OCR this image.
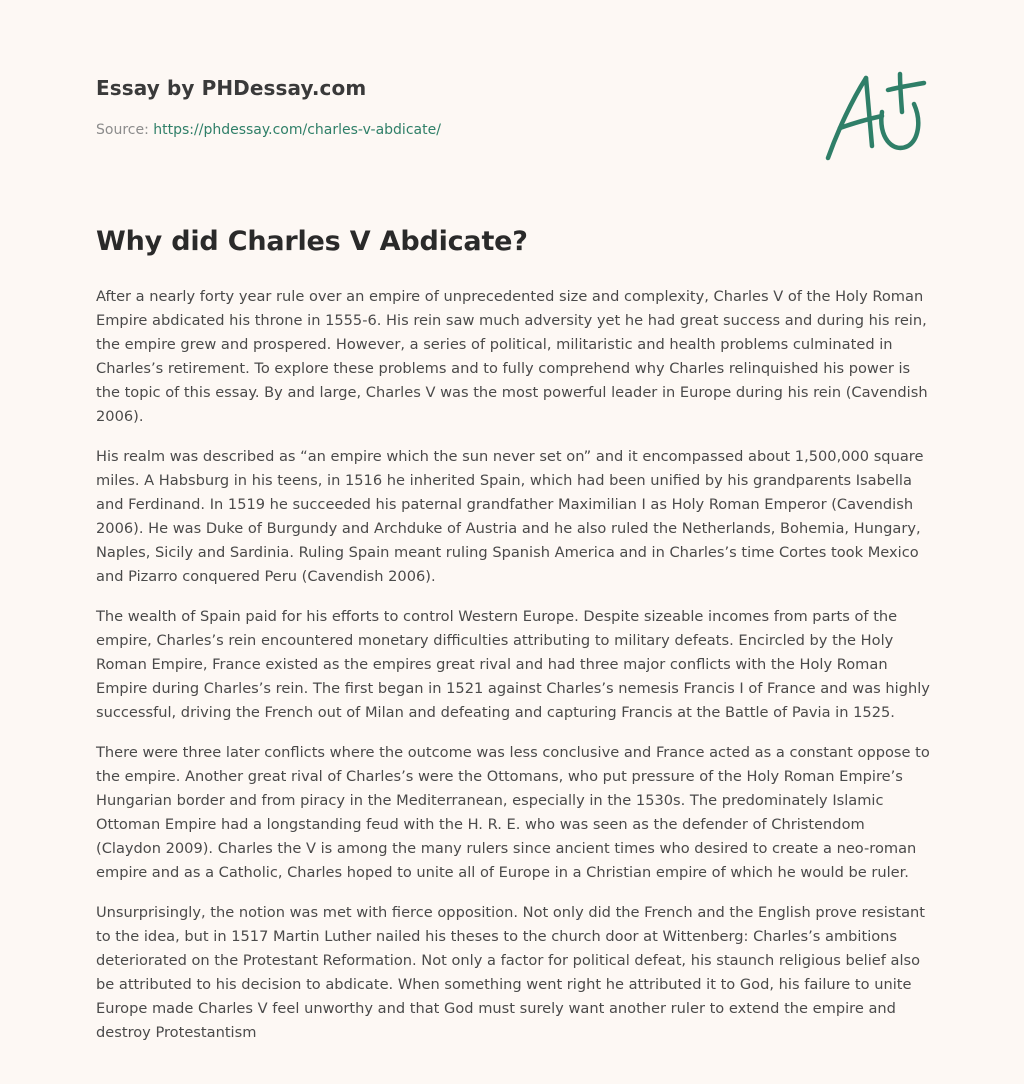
Essay by PHDessay.com
Source: https://phdessay.com/charles-v-abdicate/
Why did Charles V Abdicate?

After a nearly forty year rule over an empire of unprecedented size and complexity, Charles V of the Holy Roman Empire abdicated his throne in 1555-6. His rein saw much adversity yet he had great success and during his rein, the empire grew and prospered. However, a series of political, militaristic and health problems culminated in Charles’s retirement. To explore these problems and to fully comprehend why Charles relinquished his power is the topic of this essay. By and large, Charles V was the most powerful leader in Europe during his rein (Cavendish 2006).

His realm was described as “an empire which the sun never set on” and it encompassed about 1,500,000 square miles. A Habsburg in his teens, in 1516 he inherited Spain, which had been unified by his grandparents Isabella and Ferdinand. In 1519 he succeeded his paternal grandfather Maximilian I as Holy Roman Emperor (Cavendish 2006). He was Duke of Burgundy and Archduke of Austria and he also ruled the Netherlands, Bohemia, Hungary, Naples, Sicily and Sardinia. Ruling Spain meant ruling Spanish America and in Charles’s time Cortes took Mexico and Pizarro conquered Peru (Cavendish 2006).

The wealth of Spain paid for his efforts to control Western Europe. Despite sizeable incomes from parts of the empire, Charles’s rein encountered monetary difficulties attributing to military defeats. Encircled by the Holy Roman Empire, France existed as the empires great rival and had three major conflicts with the Holy Roman Empire during Charles’s rein. The first began in 1521 against Charles’s nemesis Francis I of France and was highly successful, driving the French out of Milan and defeating and capturing Francis at the Battle of Pavia in 1525.

There were three later conflicts where the outcome was less conclusive and France acted as a constant oppose to the empire. Another great rival of Charles’s were the Ottomans, who put pressure of the Holy Roman Empire’s Hungarian border and from piracy in the Mediterranean, especially in the 1530s. The predominately Islamic Ottoman Empire had a longstanding feud with the H. R. E. who was seen as the defender of Christendom (Claydon 2009). Charles the V is among the many rulers since ancient times who desired to create a neo-roman empire and as a Catholic, Charles hoped to unite all of Europe in a Christian empire of which he would be ruler.

Unsurprisingly, the notion was met with fierce opposition. Not only did the French and the English prove resistant to the idea, but in 1517 Martin Luther nailed his theses to the church door at Wittenberg: Charles’s ambitions deteriorated on the Protestant Reformation. Not only a factor for political defeat, his staunch religious belief also be attributed to his decision to abdicate. When something went right he attributed it to God, his failure to unite Europe made Charles V feel unworthy and that God must surely want another ruler to extend the empire and destroy Protestantism
